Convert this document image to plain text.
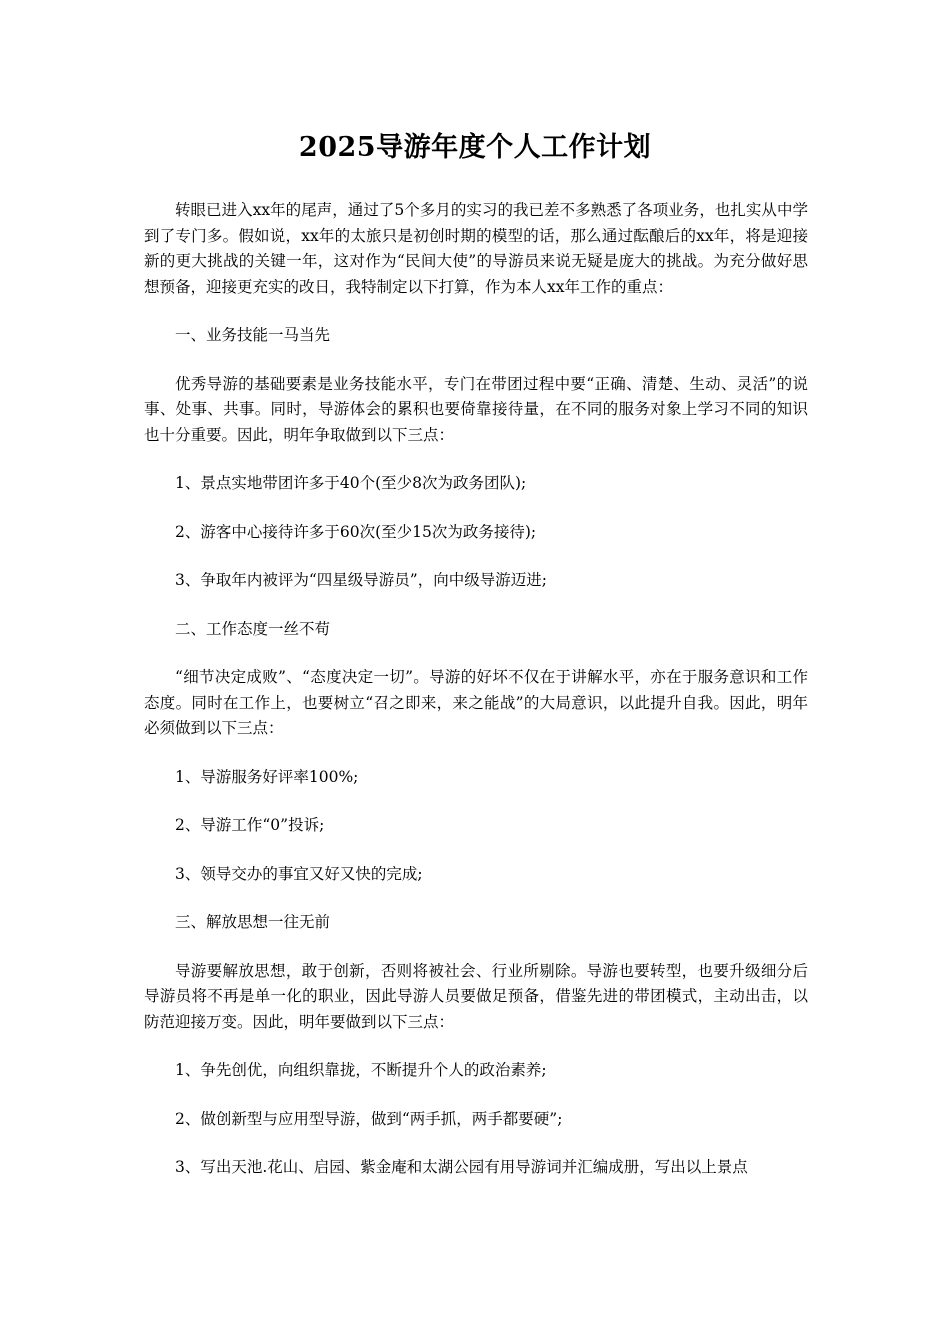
2025导游年度个人工作计划

转眼已进入xx年的尾声，通过了5个多月的实习的我已差不多熟悉了各项业务，也扎实从中学到了专门多。假如说，xx年的太旅只是初创时期的模型的话，那么通过酝酿后的xx年，将是迎接新的更大挑战的关键一年，这对作为“民间大使”的导游员来说无疑是庞大的挑战。为充分做好思想预备，迎接更充实的改日，我特制定以下打算，作为本人xx年工作的重点：

一、业务技能一马当先

优秀导游的基础要素是业务技能水平，专门在带团过程中要“正确、清楚、生动、灵活”的说事、处事、共事。同时，导游体会的累积也要倚靠接待量，在不同的服务对象上学习不同的知识也十分重要。因此，明年争取做到以下三点：

1、景点实地带团许多于40个(至少8次为政务团队);

2、游客中心接待许多于60次(至少15次为政务接待);

3、争取年内被评为“四星级导游员”，向中级导游迈进;

二、工作态度一丝不苟

“细节决定成败”、“态度决定一切”。导游的好坏不仅在于讲解水平，亦在于服务意识和工作态度。同时在工作上，也要树立“召之即来，来之能战”的大局意识，以此提升自我。因此，明年必须做到以下三点：

1、导游服务好评率100%;

2、导游工作“0”投诉;

3、领导交办的事宜又好又快的完成;

三、解放思想一往无前

导游要解放思想，敢于创新，否则将被社会、行业所剔除。导游也要转型，也要升级细分后导游员将不再是单一化的职业，因此导游人员要做足预备，借鉴先进的带团模式，主动出击，以防范迎接万变。因此，明年要做到以下三点：

1、争先创优，向组织靠拢，不断提升个人的政治素养;

2、做创新型与应用型导游，做到“两手抓，两手都要硬”;

3、写出天池.花山、启园、紫金庵和太湖公园有用导游词并汇编成册，写出以上景点
